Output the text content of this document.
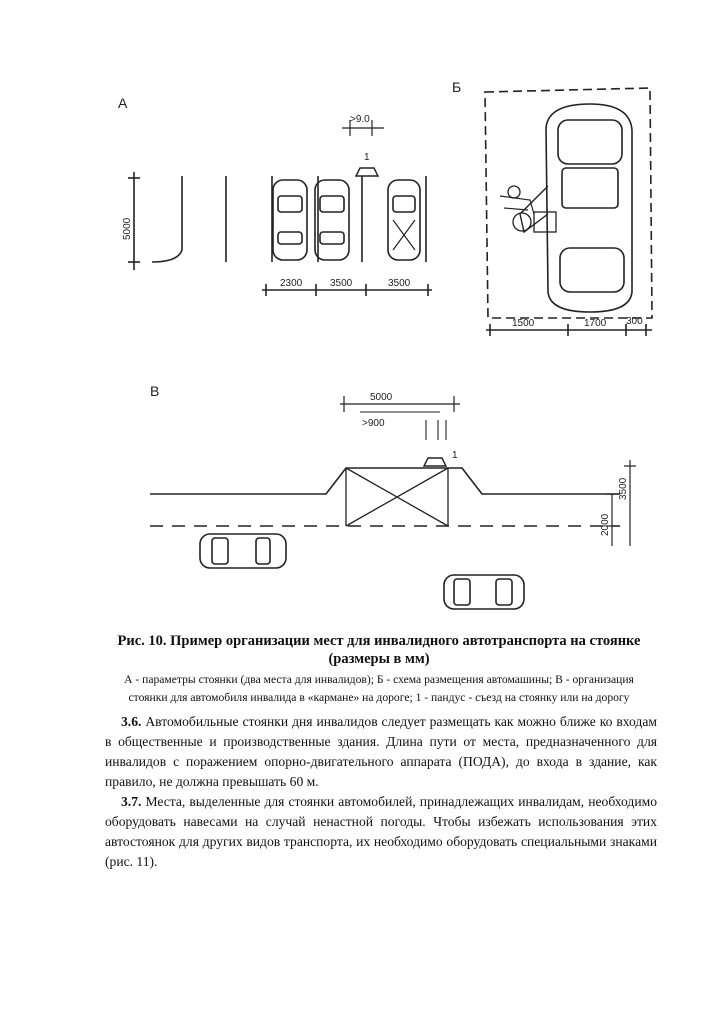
А
Б
В
>9.0
1
5000
2300	3500	3500
1500	1700 300
5000
>900
1
2000
3500
Рис. 10. Пример организации мест для инвалидного автотранспорта на стоянке
(размеры в мм)
А - параметры стоянки (два места для инвалидов); Б - схема размещения автомашины; В - организация
стоянки для автомобиля инвалида в «кармане» на дороге; 1 - пандус - съезд на стоянку или на дорогу

3.6. Автомобильные стоянки дня инвалидов следует размещать как можно ближе ко входам в общественные и производственные здания. Длина пути от места, предназначенного для инвалидов с поражением опорно-двигательного аппарата (ПОДА), до входа в здание, как правило, не должна превышать 60 м.

3.7. Места, выделенные для стоянки автомобилей, принадлежащих инвалидам, необходимо оборудовать навесами на случай ненастной погоды. Чтобы избежать использования этих автостоянок для других видов транспорта, их необходимо оборудовать специальными знаками (рис. 11).
